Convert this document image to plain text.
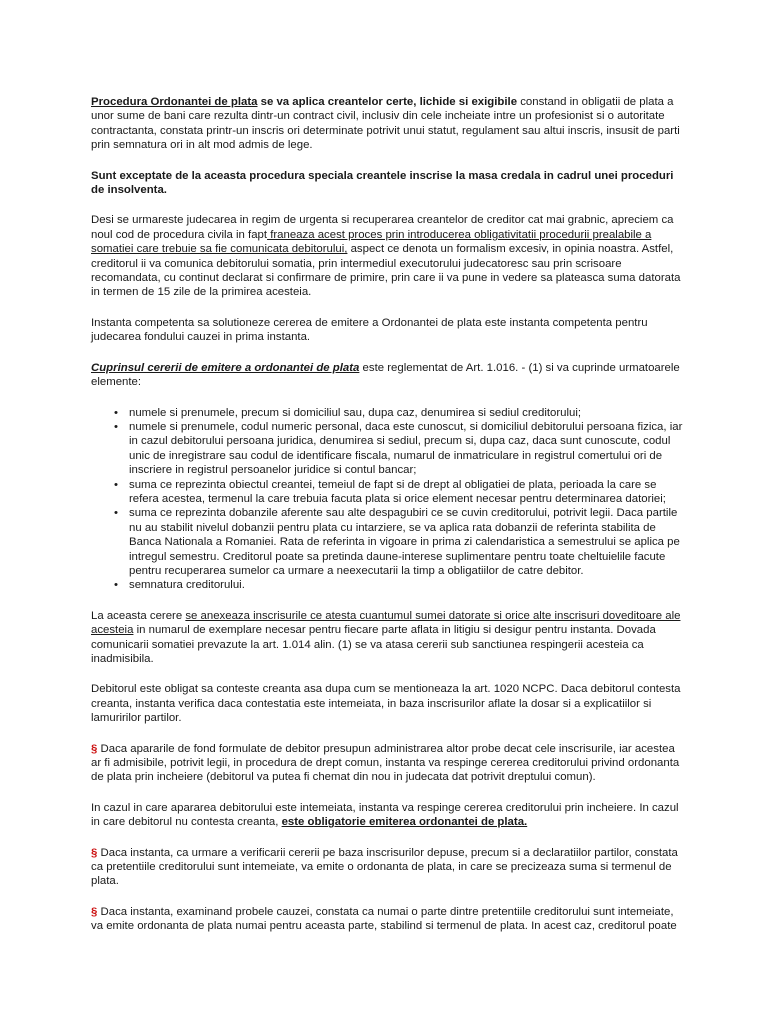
Procedura Ordonantei de plata se va aplica creantelor certe, lichide si exigibile constand in obligatii de plata a unor sume de bani care rezulta dintr-un contract civil, inclusiv din cele incheiate intre un profesionist si o autoritate contractanta, constata printr-un inscris ori determinate potrivit unui statut, regulament sau altui inscris, insusit de parti prin semnatura ori in alt mod admis de lege.

Sunt exceptate de la aceasta procedura speciala creantele inscrise la masa credala in cadrul unei proceduri de insolventa.

Desi se urmareste judecarea in regim de urgenta si recuperarea creantelor de creditor cat mai grabnic, apreciem ca noul cod de procedura civila in fapt franeaza acest proces prin introducerea obligativitatii procedurii prealabile a somatiei care trebuie sa fie comunicata debitorului, aspect ce denota un formalism excesiv, in opinia noastra. Astfel, creditorul ii va comunica debitorului somatia, prin intermediul executorului judecatoresc sau prin scrisoare recomandata, cu continut declarat si confirmare de primire, prin care ii va pune in vedere sa plateasca suma datorata in termen de 15 zile de la primirea acesteia.

Instanta competenta sa solutioneze cererea de emitere a Ordonantei de plata este instanta competenta pentru judecarea fondului cauzei in prima instanta.

Cuprinsul cererii de emitere a ordonantei de plata este reglementat de Art. 1.016. - (1) si va cuprinde urmatoarele elemente:

• numele si prenumele, precum si domiciliul sau, dupa caz, denumirea si sediul creditorului;
• numele si prenumele, codul numeric personal, daca este cunoscut, si domiciliul debitorului persoana fizica, iar in cazul debitorului persoana juridica, denumirea si sediul, precum si, dupa caz, daca sunt cunoscute, codul unic de inregistrare sau codul de identificare fiscala, numarul de inmatriculare in registrul comertului ori de inscriere in registrul persoanelor juridice si contul bancar;
• suma ce reprezinta obiectul creantei, temeiul de fapt si de drept al obligatiei de plata, perioada la care se refera acestea, termenul la care trebuia facuta plata si orice element necesar pentru determinarea datoriei;
• suma ce reprezinta dobanzile aferente sau alte despagubiri ce se cuvin creditorului, potrivit legii. Daca partile nu au stabilit nivelul dobanzii pentru plata cu intarziere, se va aplica rata dobanzii de referinta stabilita de Banca Nationala a Romaniei. Rata de referinta in vigoare in prima zi calendaristica a semestrului se aplica pe intregul semestru. Creditorul poate sa pretinda daune-interese suplimentare pentru toate cheltuielile facute pentru recuperarea sumelor ca urmare a neexecutarii la timp a obligatiilor de catre debitor.
• semnatura creditorului.

La aceasta cerere se anexeaza inscrisurile ce atesta cuantumul sumei datorate si orice alte inscrisuri doveditoare ale acesteia in numarul de exemplare necesar pentru fiecare parte aflata in litigiu si desigur pentru instanta. Dovada comunicarii somatiei prevazute la art. 1.014 alin. (1) se va atasa cererii sub sanctiunea respingerii acesteia ca inadmisibila.

Debitorul este obligat sa conteste creanta asa dupa cum se mentioneaza la art. 1020 NCPC. Daca debitorul contesta creanta, instanta verifica daca contestatia este intemeiata, in baza inscrisurilor aflate la dosar si a explicatiilor si lamuririlor partilor.

§ Daca apararile de fond formulate de debitor presupun administrarea altor probe decat cele inscrisurile, iar acestea ar fi admisibile, potrivit legii, in procedura de drept comun, instanta va respinge cererea creditorului privind ordonanta de plata prin incheiere (debitorul va putea fi chemat din nou in judecata dat potrivit dreptului comun).

In cazul in care apararea debitorului este intemeiata, instanta va respinge cererea creditorului prin incheiere. In cazul in care debitorul nu contesta creanta, este obligatorie emiterea ordonantei de plata.

§ Daca instanta, ca urmare a verificarii cererii pe baza inscrisurilor depuse, precum si a declaratiilor partilor, constata ca pretentiile creditorului sunt intemeiate, va emite o ordonanta de plata, in care se precizeaza suma si termenul de plata.

§ Daca instanta, examinand probele cauzei, constata ca numai o parte dintre pretentiile creditorului sunt intemeiate, va emite ordonanta de plata numai pentru aceasta parte, stabilind si termenul de plata. In acest caz, creditorul poate
